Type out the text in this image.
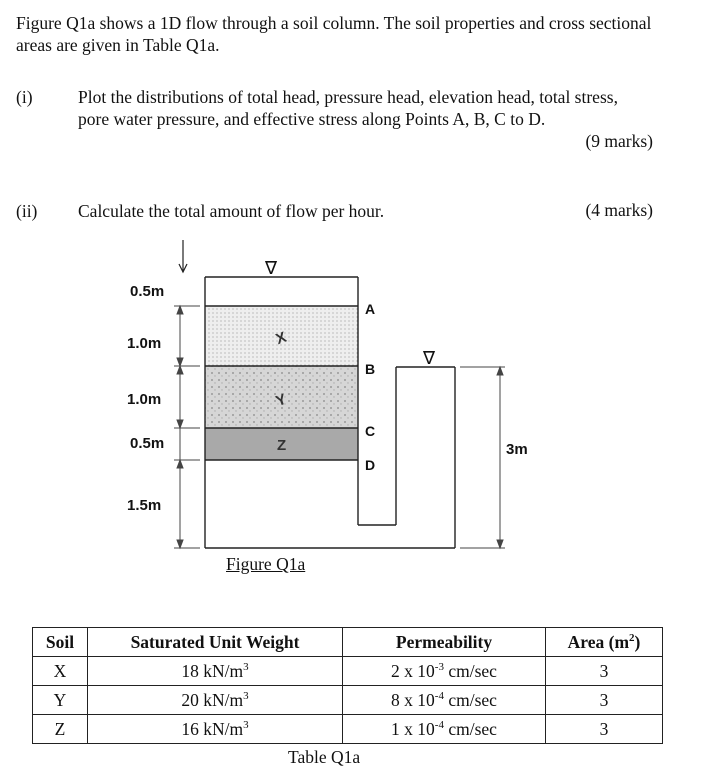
Figure Q1a shows a 1D flow through a soil column. The soil properties and cross sectional areas are given in Table Q1a.
(i)	Plot the distributions of total head, pressure head, elevation head, total stress, pore water pressure, and effective stress along Points A, B, C to D.
(9 marks)
(ii) Calculate the total amount of flow per hour.	(4 marks)
0.5m
1.0m
1.0m
0.5m
1.5m
3m
∇
∇
X
Y
Z
A
B
C
D
Figure Q1a
Soil	Saturated Unit Weight	Permeability	Area $(m^2)$
X	18 $kN/m^3$	2 x $10^{-3}$ cm/sec	3
Y	20 $kN/m^3$	8 x $10^{-4}$ cm/sec	3
Z	16 $kN/m^3$	1 x $10^{-4}$ cm/sec	3
Table Q1a
